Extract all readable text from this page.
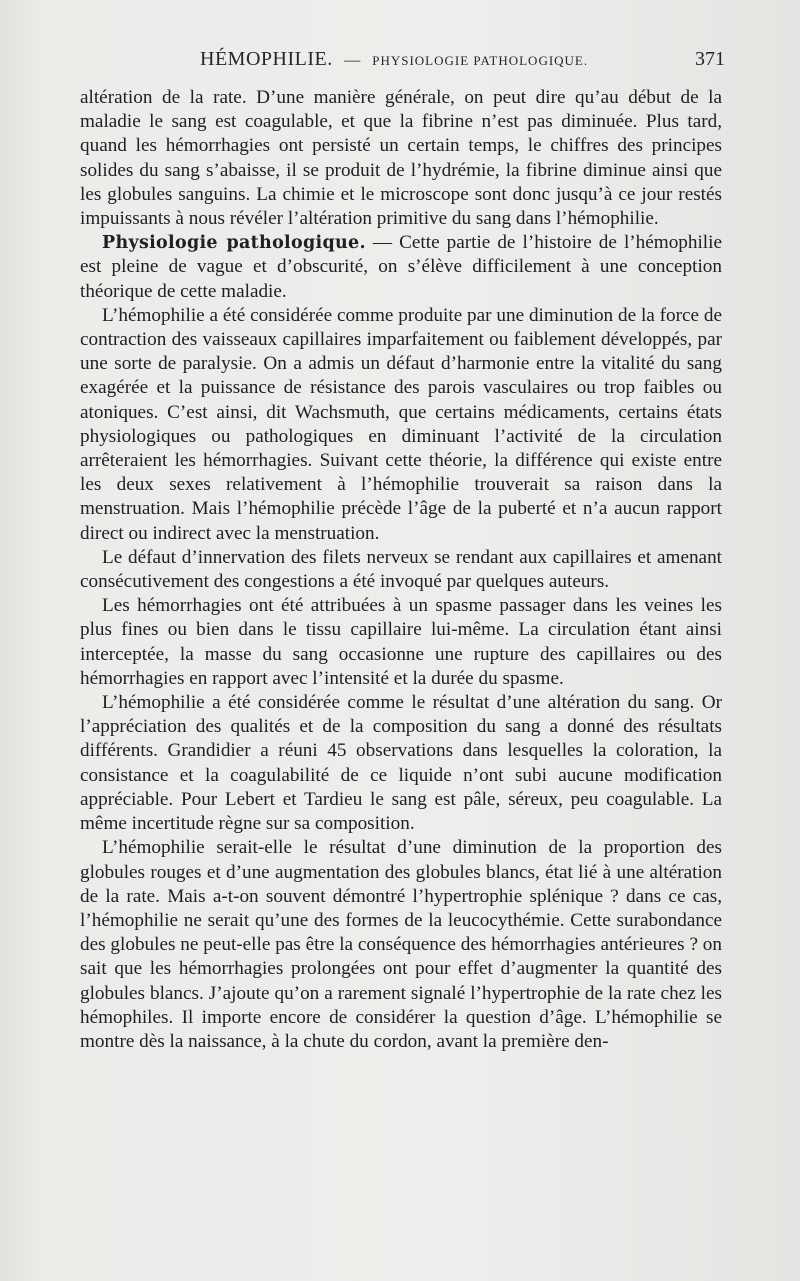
HÉMOPHILIE. — PHYSIOLOGIE PATHOLOGIQUE.	371

altération de la rate. D’une manière générale, on peut dire qu’au début de la maladie le sang est coagulable, et que la fibrine n’est pas diminuée. Plus tard, quand les hémorrhagies ont persisté un certain temps, le chiffres des principes solides du sang s’abaisse, il se produit de l’hydrémie, la fibrine diminue ainsi que les globules sanguins. La chimie et le microscope sont donc jusqu’à ce jour restés impuissants à nous révéler l’altération primitive du sang dans l’hémophilie.

Physiologie pathologique. — Cette partie de l’histoire de l’hémophilie est pleine de vague et d’obscurité, on s’élève difficilement à une conception théorique de cette maladie.

L’hémophilie a été considérée comme produite par une diminution de la force de contraction des vaisseaux capillaires imparfaitement ou faiblement développés, par une sorte de paralysie. On a admis un défaut d’harmonie entre la vitalité du sang exagérée et la puissance de résistance des parois vasculaires ou trop faibles ou atoniques. C’est ainsi, dit Wachsmuth, que certains médicaments, certains états physiologiques ou pathologiques en diminuant l’activité de la circulation arrêteraient les hémorrhagies. Suivant cette théorie, la différence qui existe entre les deux sexes relativement à l’hémophilie trouverait sa raison dans la menstruation. Mais l’hémophilie précède l’âge de la puberté et n’a aucun rapport direct ou indirect avec la menstruation.

Le défaut d’innervation des filets nerveux se rendant aux capillaires et amenant consécutivement des congestions a été invoqué par quelques auteurs.

Les hémorrhagies ont été attribuées à un spasme passager dans les veines les plus fines ou bien dans le tissu capillaire lui-même. La circulation étant ainsi interceptée, la masse du sang occasionne une rupture des capillaires ou des hémorrhagies en rapport avec l’intensité et la durée du spasme.

L’hémophilie a été considérée comme le résultat d’une altération du sang. Or l’appréciation des qualités et de la composition du sang a donné des résultats différents. Grandidier a réuni 45 observations dans lesquelles la coloration, la consistance et la coagulabilité de ce liquide n’ont subi aucune modification appréciable. Pour Lebert et Tardieu le sang est pâle, séreux, peu coagulable. La même incertitude règne sur sa composition.

L’hémophilie serait-elle le résultat d’une diminution de la proportion des globules rouges et d’une augmentation des globules blancs, état lié à une altération de la rate. Mais a-t-on souvent démontré l’hypertrophie splénique ? dans ce cas, l’hémophilie ne serait qu’une des formes de la leucocythémie. Cette surabondance des globules ne peut-elle pas être la conséquence des hémorrhagies antérieures ? on sait que les hémorrhagies prolongées ont pour effet d’augmenter la quantité des globules blancs. J’ajoute qu’on a rarement signalé l’hypertrophie de la rate chez les hémophiles. Il importe encore de considérer la question d’âge. L’hémophilie se montre dès la naissance, à la chute du cordon, avant la première den-
